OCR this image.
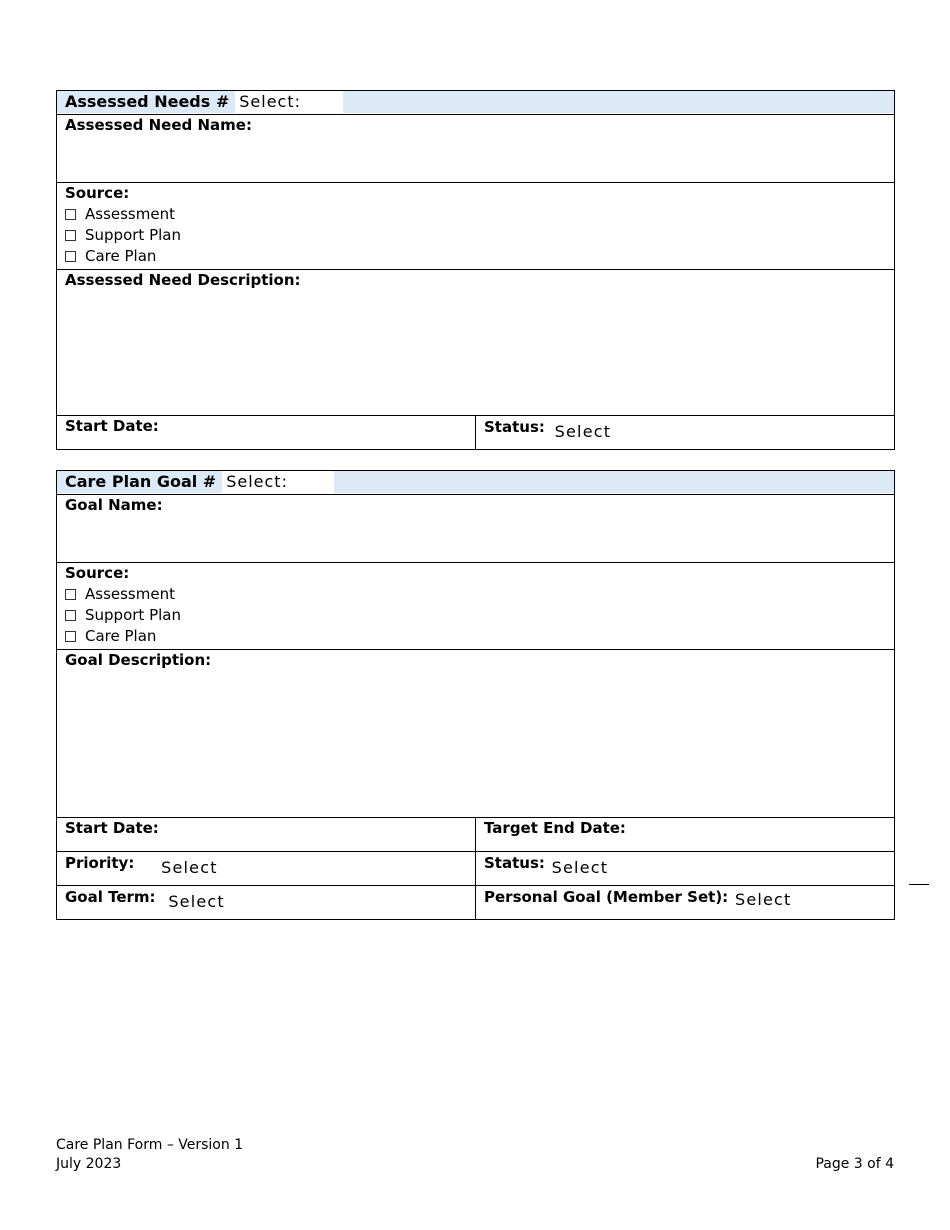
Assessed Needs # Select:

Assessed Need Name:

Source:
Assessment
Support Plan
Care Plan

Assessed Need Description:
Start Date:	Status: Select
Care Plan Goal # Select:	

Goal Name:	

Source:
Assessment
Support Plan
Care Plan	

Goal Description:	
Start Date:	Target End Date:
Priority: Select	Status: Select
Goal Term: Select	Personal Goal (Member Set): Select
Care Plan Form – Version 1
July 2023	Page 3 of 4
